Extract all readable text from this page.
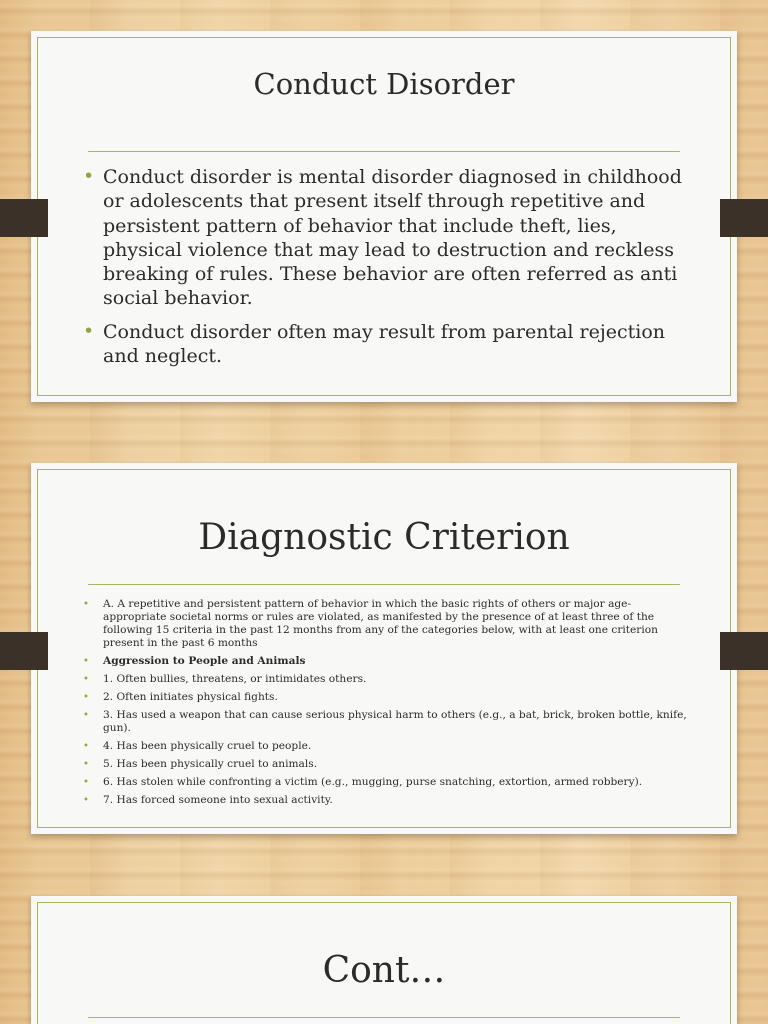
Conduct Disorder
• Conduct disorder is mental disorder diagnosed in childhood or adolescents that present itself through repetitive and persistent pattern of behavior that include theft, lies, physical violence that may lead to destruction and reckless breaking of rules. These behavior are often referred as anti social behavior.
• Conduct disorder often may result from parental rejection and neglect.
Diagnostic Criterion
• A. A repetitive and persistent pattern of behavior in which the basic rights of others or major age-appropriate societal norms or rules are violated, as manifested by the presence of at least three of the following 15 criteria in the past 12 months from any of the categories below, with at least one criterion present in the past 6 months
• Aggression to People and Animals
• 1. Often bullies, threatens, or intimidates others.
• 2. Often initiates physical fights.
• 3. Has used a weapon that can cause serious physical harm to others (e.g., a bat, brick, broken bottle, knife, gun).
• 4. Has been physically cruel to people.
• 5. Has been physically cruel to animals.
• 6. Has stolen while confronting a victim (e.g., mugging, purse snatching, extortion, armed robbery).
• 7. Has forced someone into sexual activity.
Cont…
